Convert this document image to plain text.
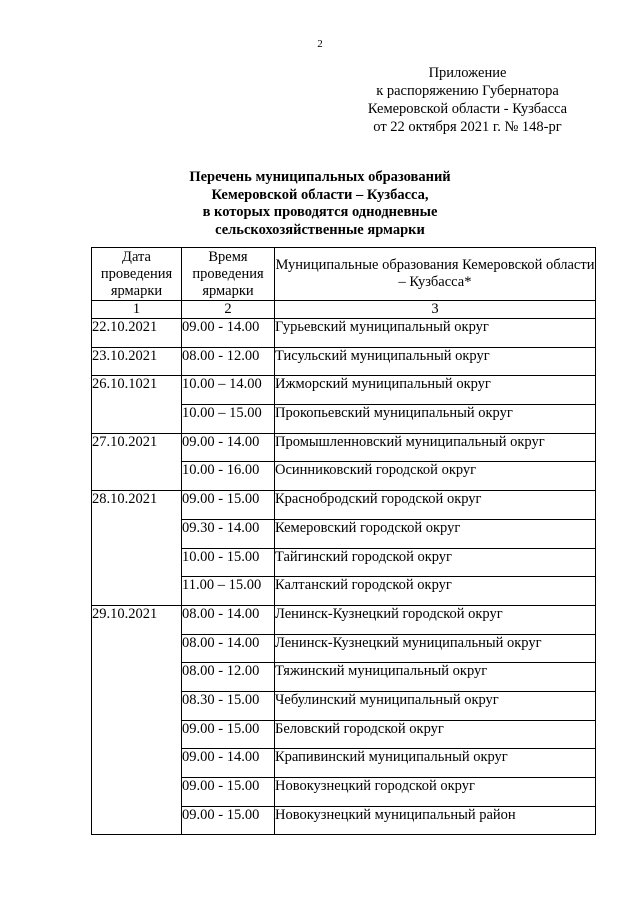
2
Приложение
к распоряжению Губернатора
Кемеровской области - Кузбасса
от 22 октября 2021 г. № 148-рг
Перечень муниципальных образований
Кемеровской области – Кузбасса,
в которых проводятся однодневные
сельскохозяйственные ярмарки
Дата проведения ярмарки	Время проведения ярмарки	Муниципальные образования Кемеровской области – Кузбасса*
1	2	3
22.10.2021	09.00 - 14.00	Гурьевский муниципальный округ
23.10.2021	08.00 - 12.00	Тисульский муниципальный округ
26.10.1021	10.00 – 14.00	Ижморский муниципальный округ
	10.00 – 15.00	Прокопьевский муниципальный округ
27.10.2021	09.00 - 14.00	Промышленновский муниципальный округ
	10.00 - 16.00	Осинниковский городской округ
28.10.2021	09.00 - 15.00	Краснобродский городской округ
	09.30 - 14.00	Кемеровский городской округ
	10.00 - 15.00	Тайгинский городской округ
	11.00 – 15.00	Калтанский городской округ
29.10.2021	08.00 - 14.00	Ленинск-Кузнецкий городской округ
	08.00 - 14.00	Ленинск-Кузнецкий муниципальный округ
	08.00 - 12.00	Тяжинский муниципальный округ
	08.30 - 15.00	Чебулинский муниципальный округ
	09.00 - 15.00	Беловский городской округ
	09.00 - 14.00	Крапивинский муниципальный округ
	09.00 - 15.00	Новокузнецкий городской округ
	09.00 - 15.00	Новокузнецкий муниципальный район
